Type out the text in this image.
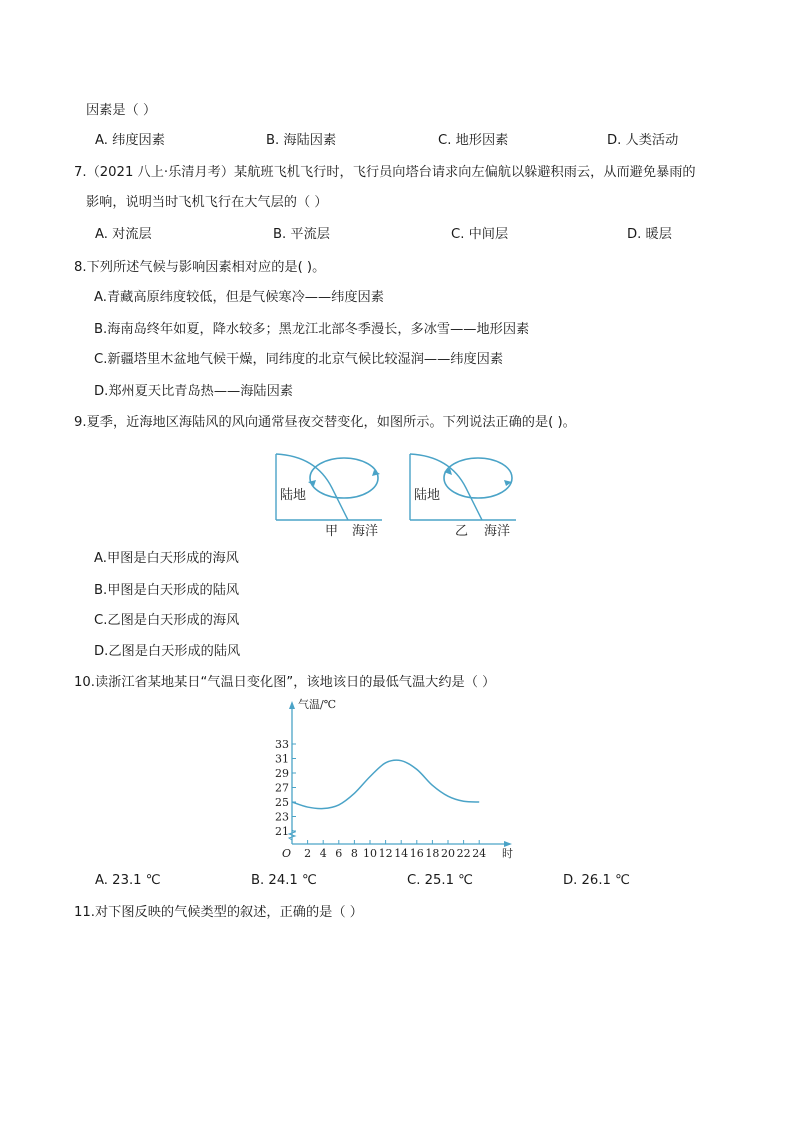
因素是（ ）
A. 纬度因素	B. 海陆因素	C. 地形因素	D. 人类活动
7.（2021 八上·乐清月考）某航班飞机飞行时，飞行员向塔台请求向左偏航以躲避积雨云，从而避免暴雨的
影响，说明当时飞机飞行在大气层的（ ）
A. 对流层	B. 平流层	C. 中间层	D. 暖层
8.下列所述气候与影响因素相对应的是( )。
A.青藏高原纬度较低，但是气候寒冷——纬度因素
B.海南岛终年如夏，降水较多；黑龙江北部冬季漫长，多冰雪——地形因素
C.新疆塔里木盆地气候干燥，同纬度的北京气候比较湿润——纬度因素
D.郑州夏天比青岛热——海陆因素
9.夏季，近海地区海陆风的风向通常昼夜交替变化，如图所示。下列说法正确的是( )。
陆地
甲 海洋
陆地
乙 海洋
A.甲图是白天形成的海风
B.甲图是白天形成的陆风
C.乙图是白天形成的海风
D.乙图是白天形成的陆风
10.读浙江省某地某日“气温日变化图”，该地该日的最低气温大约是（ ）
气温/℃
21
23
25
27
29
31
33
2 4 6 8 10 12 14 16 18 20 22 24
O	时
A. 23.1 ℃	B. 24.1 ℃	C. 25.1 ℃	D. 26.1 ℃
11.对下图反映的气候类型的叙述，正确的是（ ）
